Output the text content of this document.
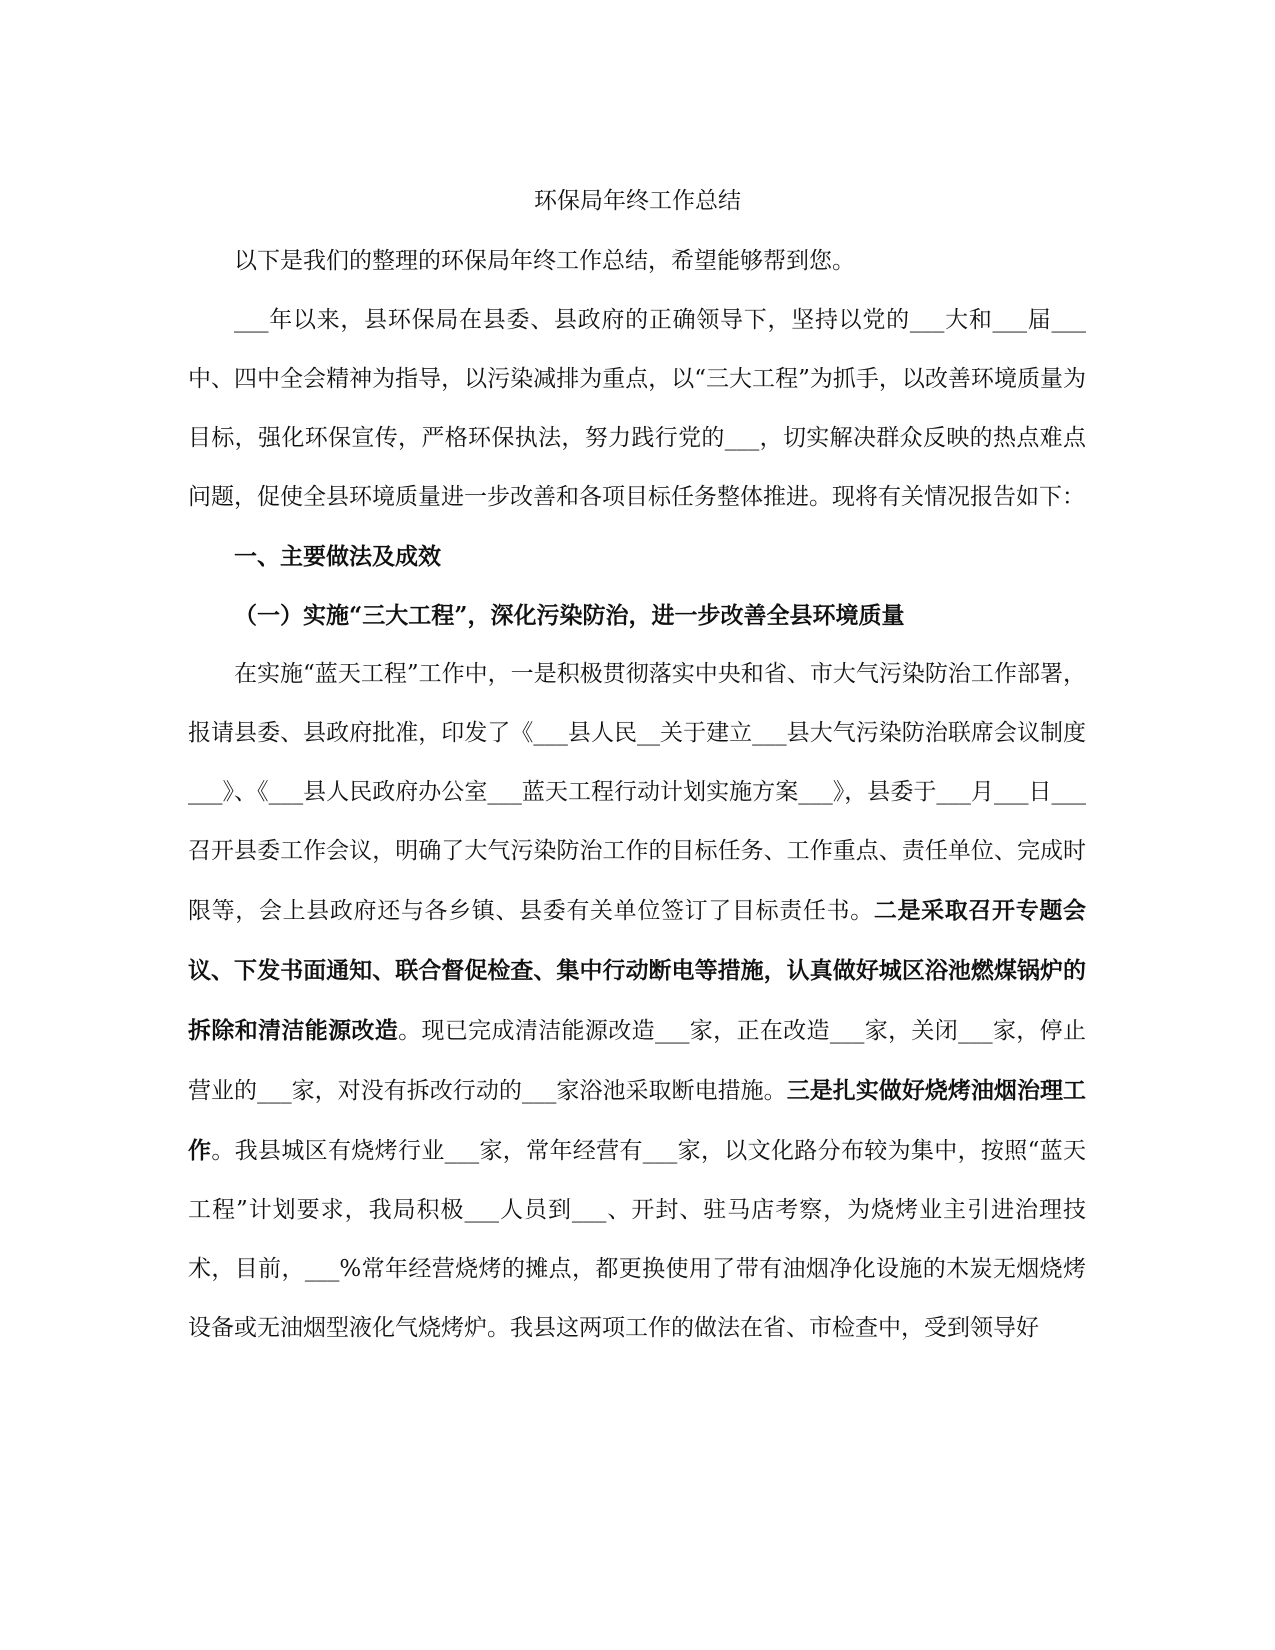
环保局年终工作总结

以下是我们的整理的环保局年终工作总结，希望能够帮到您。

___年以来，县环保局在县委、县政府的正确领导下，坚持以党的___大和___届___中、四中全会精神为指导，以污染减排为重点，以“三大工程”为抓手，以改善环境质量为目标，强化环保宣传，严格环保执法，努力践行党的___，切实解决群众反映的热点难点问题，促使全县环境质量进一步改善和各项目标任务整体推进。现将有关情况报告如下：

一、主要做法及成效

（一）实施“三大工程”，深化污染防治，进一步改善全县环境质量

在实施“蓝天工程”工作中，一是积极贯彻落实中央和省、市大气污染防治工作部署，报请县委、县政府批准，印发了《___县人民__关于建立___县大气污染防治联席会议制度___》、《___县人民政府办公室___蓝天工程行动计划实施方案___》，县委于___月___日___召开县委工作会议，明确了大气污染防治工作的目标任务、工作重点、责任单位、完成时限等，会上县政府还与各乡镇、县委有关单位签订了目标责任书。二是采取召开专题会议、下发书面通知、联合督促检查、集中行动断电等措施，认真做好城区浴池燃煤锅炉的拆除和清洁能源改造。现已完成清洁能源改造___家，正在改造___家，关闭___家，停止营业的___家，对没有拆改行动的___家浴池采取断电措施。三是扎实做好烧烤油烟治理工作。我县城区有烧烤行业___家，常年经营有___家，以文化路分布较为集中，按照“蓝天工程”计划要求，我局积极___人员到___、开封、驻马店考察，为烧烤业主引进治理技术，目前，___%常年经营烧烤的摊点，都更换使用了带有油烟净化设施的木炭无烟烧烤设备或无油烟型液化气烧烤炉。我县这两项工作的做法在省、市检查中，受到领导好
